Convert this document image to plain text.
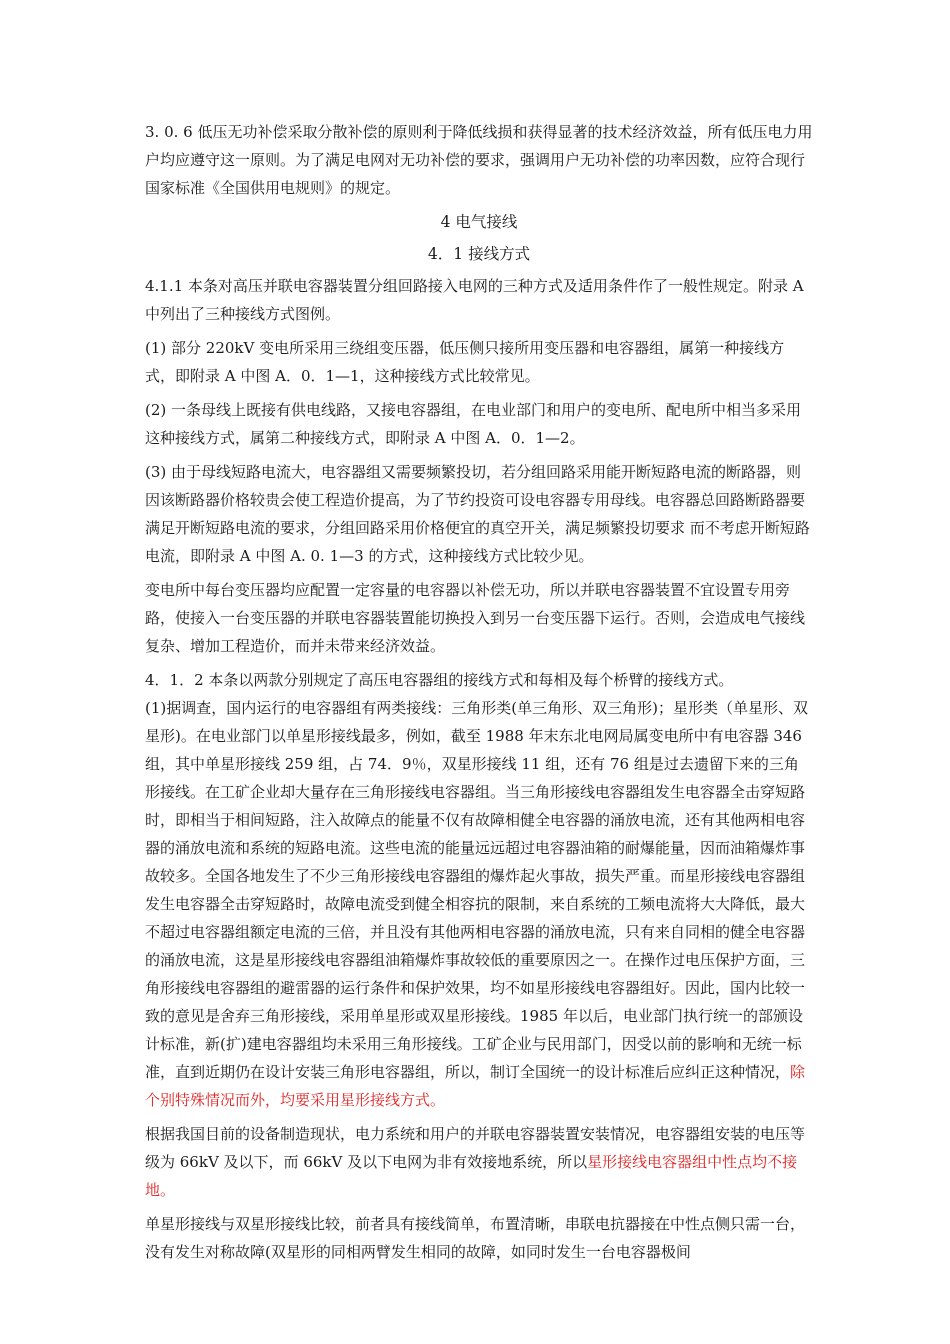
3. 0. 6 低压无功补偿采取分散补偿的原则利于降低线损和获得显著的技术经济效益，所有低压电力用户均应遵守这一原则。为了满足电网对无功补偿的要求，强调用户无功补偿的功率因数，应符合现行国家标准《全国供用电规则》的规定。

4 电气接线
4．1 接线方式

4.1.1 本条对高压并联电容器装置分组回路接入电网的三种方式及适用条件作了一般性规定。附录 A 中列出了三种接线方式图例。

(1) 部分 220kV 变电所采用三绕组变压器，低压侧只接所用变压器和电容器组，属第一种接线方式，即附录 A 中图 A．0．1—1，这种接线方式比较常见。

(2) 一条母线上既接有供电线路，又接电容器组，在电业部门和用户的变电所、配电所中相当多采用这种接线方式，属第二种接线方式，即附录 A 中图 A．0．1—2。

(3) 由于母线短路电流大，电容器组又需要频繁投切，若分组回路采用能开断短路电流的断路器，则因该断路器价格较贵会使工程造价提高，为了节约投资可设电容器专用母线。电容器总回路断路器要满足开断短路电流的要求，分组回路采用价格便宜的真空开关，满足频繁投切要求 而不考虑开断短路电流，即附录 A 中图 A. 0. 1—3 的方式，这种接线方式比较少见。

变电所中每台变压器均应配置一定容量的电容器以补偿无功，所以并联电容器装置不宜设置专用旁路，使接入一台变压器的并联电容器装置能切换投入到另一台变压器下运行。否则，会造成电气接线复杂、增加工程造价，而并未带来经济效益。

4．1．2 本条以两款分别规定了高压电容器组的接线方式和每相及每个桥臂的接线方式。

(1)据调查，国内运行的电容器组有两类接线：三角形类(单三角形、双三角形)；星形类（单星形、双星形)。在电业部门以单星形接线最多，例如，截至 1988 年末东北电网局属变电所中有电容器 346 组，其中单星形接线 259 组，占 74．9％，双星形接线 11 组，还有 76 组是过去遗留下来的三角形接线。在工矿企业却大量存在三角形接线电容器组。当三角形接线电容器组发生电容器全击穿短路时，即相当于相间短路，注入故障点的能量不仅有故障相健全电容器的涌放电流，还有其他两相电容器的涌放电流和系统的短路电流。这些电流的能量远远超过电容器油箱的耐爆能量，因而油箱爆炸事故较多。全国各地发生了不少三角形接线电容器组的爆炸起火事故，损失严重。而星形接线电容器组发生电容器全击穿短路时，故障电流受到健全相容抗的限制，来自系统的工频电流将大大降低，最大不超过电容器组额定电流的三倍，并且没有其他两相电容器的涌放电流，只有来自同相的健全电容器的涌放电流，这是星形接线电容器组油箱爆炸事故较低的重要原因之一。在操作过电压保护方面，三角形接线电容器组的避雷器的运行条件和保护效果，均不如星形接线电容器组好。因此，国内比较一致的意见是舍弃三角形接线，采用单星形或双星形接线。1985 年以后，电业部门执行统一的部颁设计标准，新(扩)建电容器组均未采用三角形接线。工矿企业与民用部门，因受以前的影响和无统一标准，直到近期仍在设计安装三角形电容器组，所以，制订全国统一的设计标准后应纠正这种情况，除个别特殊情况而外，均要采用星形接线方式。

根据我国目前的设备制造现状，电力系统和用户的并联电容器装置安装情况，电容器组安装的电压等级为 66kV 及以下，而 66kV 及以下电网为非有效接地系统，所以星形接线电容器组中性点均不接地。

单星形接线与双星形接线比较，前者具有接线简单，布置清晰，串联电抗器接在中性点侧只需一台，没有发生对称故障(双星形的同相两臂发生相同的故障，如同时发生一台电容器极间
